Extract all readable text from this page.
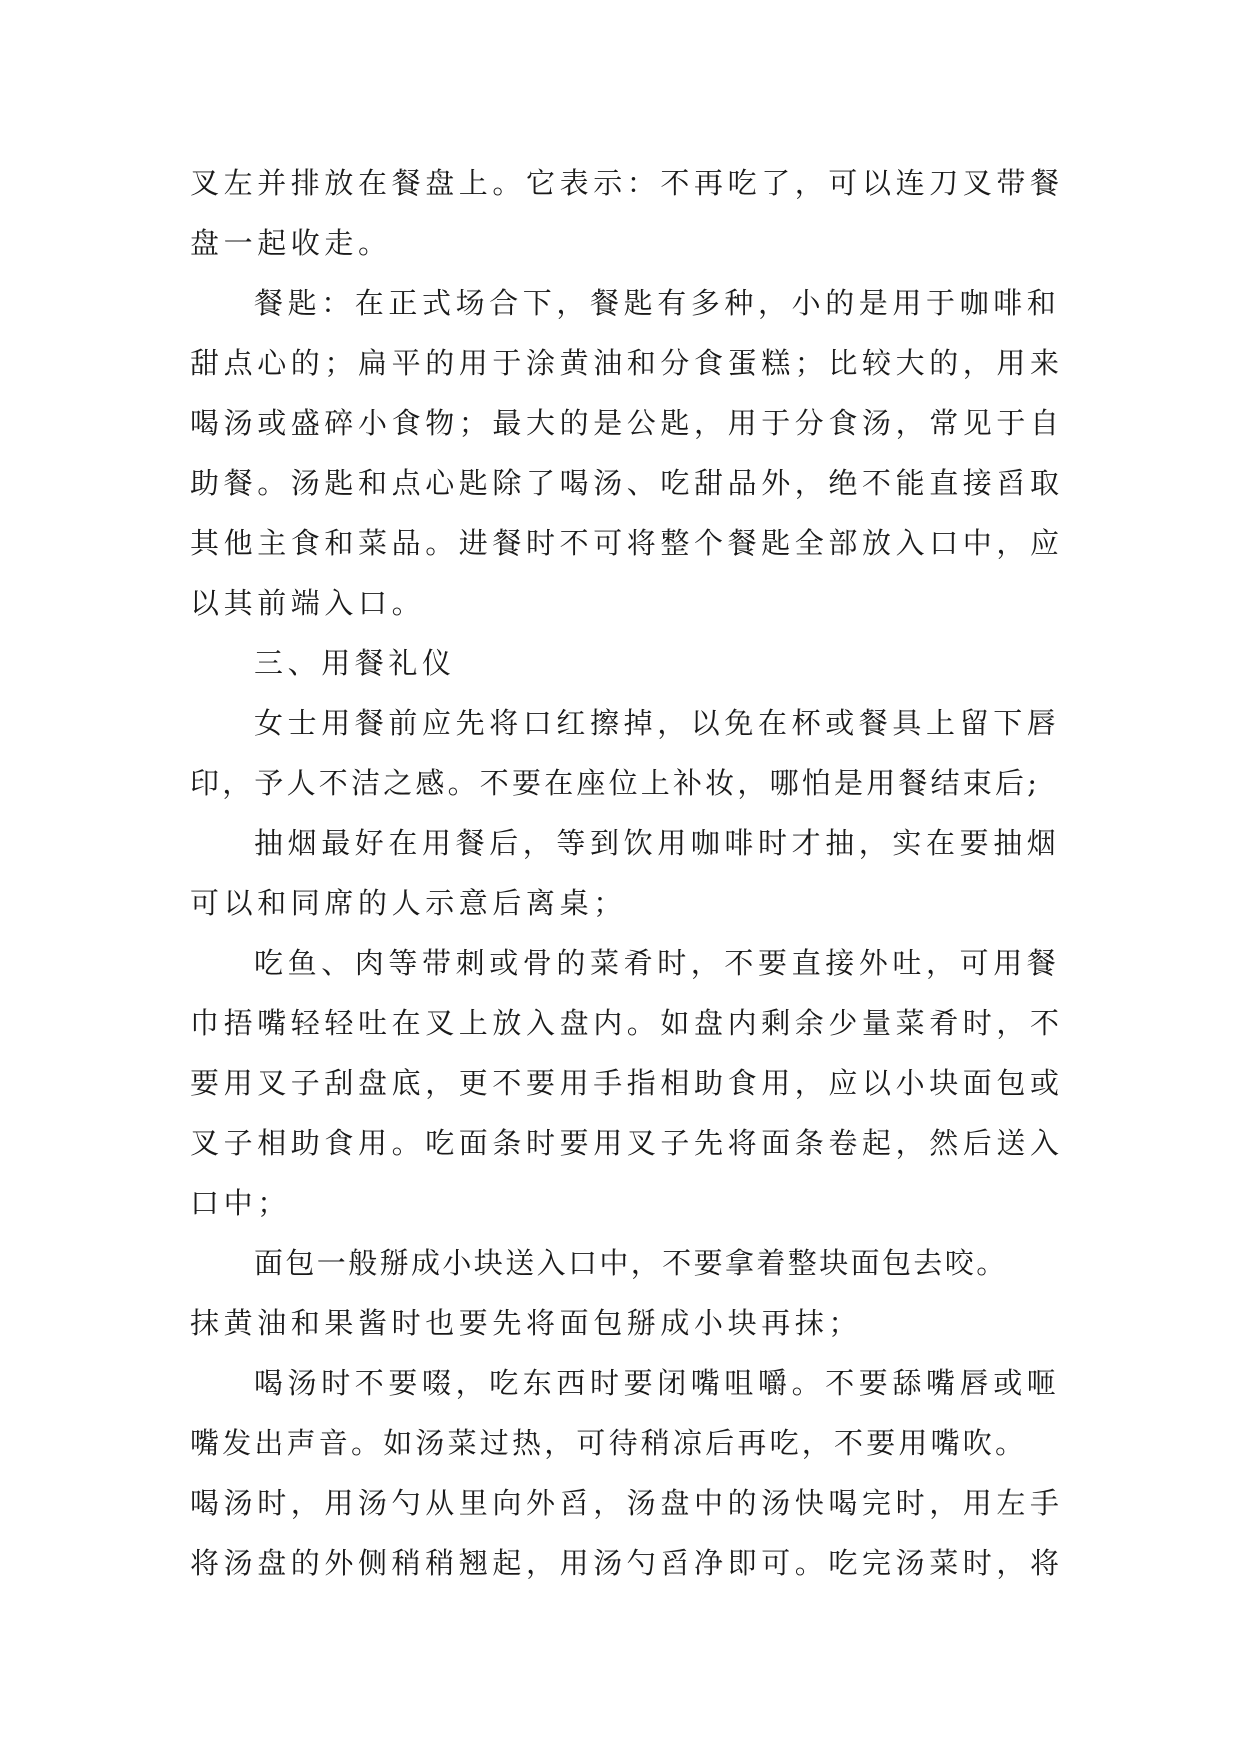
叉左并排放在餐盘上。它表示：不再吃了，可以连刀叉带餐
盘一起收走。
餐匙：在正式场合下，餐匙有多种，小的是用于咖啡和
甜点心的；扁平的用于涂黄油和分食蛋糕；比较大的，用来
喝汤或盛碎小食物；最大的是公匙，用于分食汤，常见于自
助餐。汤匙和点心匙除了喝汤、吃甜品外，绝不能直接舀取
其他主食和菜品。进餐时不可将整个餐匙全部放入口中，应
以其前端入口。
三、用餐礼仪
女士用餐前应先将口红擦掉，以免在杯或餐具上留下唇
印，予人不洁之感。不要在座位上补妆，哪怕是用餐结束后;
抽烟最好在用餐后，等到饮用咖啡时才抽，实在要抽烟
可以和同席的人示意后离桌；
吃鱼、肉等带刺或骨的菜肴时，不要直接外吐，可用餐
巾捂嘴轻轻吐在叉上放入盘内。如盘内剩余少量菜肴时，不
要用叉子刮盘底，更不要用手指相助食用，应以小块面包或
叉子相助食用。吃面条时要用叉子先将面条卷起，然后送入
口中；
面包一般掰成小块送入口中，不要拿着整块面包去咬。
抹黄油和果酱时也要先将面包掰成小块再抹；
喝汤时不要啜，吃东西时要闭嘴咀嚼。不要舔嘴唇或咂
嘴发出声音。如汤菜过热，可待稍凉后再吃，不要用嘴吹。
喝汤时，用汤勺从里向外舀，汤盘中的汤快喝完时，用左手
将汤盘的外侧稍稍翘起，用汤勺舀净即可。吃完汤菜时，将
